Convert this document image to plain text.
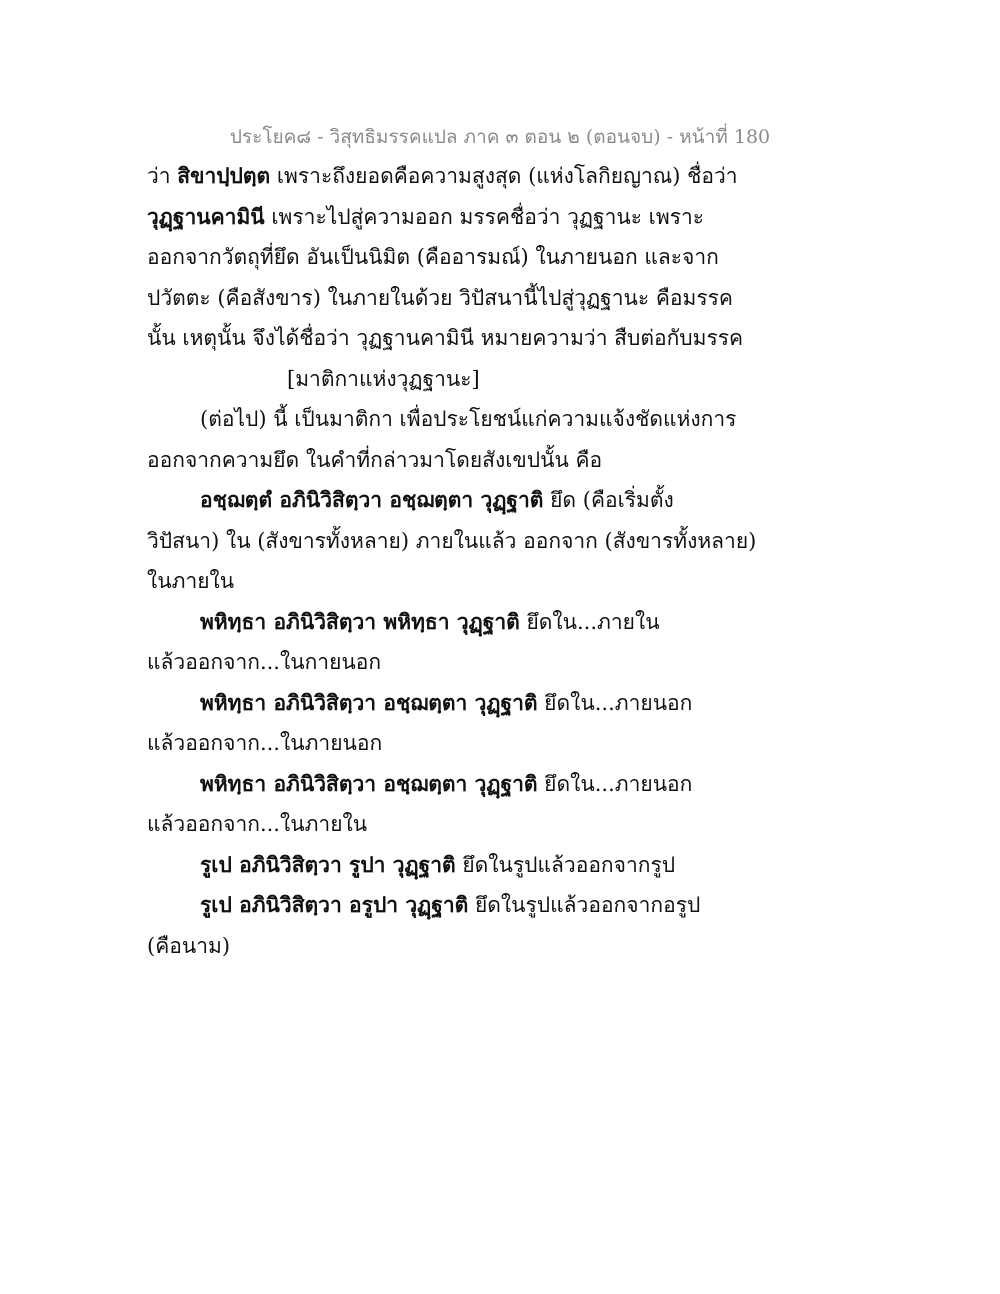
ประโยค๘ - วิสุทธิมรรคแปล ภาค ๓ ตอน ๒ (ตอนจบ) - หน้าที่ 180
ว่า สิขาปฺปตฺต เพราะถึงยอดคือความสูงสุด (แห่งโลกิยญาณ) ชื่อว่า
วุฏฺฐานคามินี เพราะไปสู่ความออก มรรคชื่อว่า วุฏฐานะ เพราะ
ออกจากวัตถุที่ยึด อันเป็นนิมิต (คืออารมณ์) ในภายนอก และจาก
ปวัตตะ (คือสังขาร) ในภายในด้วย วิปัสนานี้ไปสู่วุฏฐานะ คือมรรค
นั้น เหตุนั้น จึงได้ชื่อว่า วุฏฐานคามินี หมายความว่า สืบต่อกับมรรค
[มาติกาแห่งวุฏฐานะ]
(ต่อไป) นี้ เป็นมาติกา เพื่อประโยชน์แก่ความแจ้งชัดแห่งการ
ออกจากความยึด ในคำที่กล่าวมาโดยสังเขปนั้น คือ
อชฺฌตฺตํ อภินิวิสิตฺวา อชฺฌตฺตา วุฏฺฐาติ ยึด (คือเริ่มตั้ง
วิปัสนา) ใน (สังขารทั้งหลาย) ภายในแล้ว ออกจาก (สังขารทั้งหลาย)
ในภายใน
พหิทฺธา อภินิวิสิตฺวา พหิทฺธา วุฏฺฐาติ ยึดใน...ภายใน
แล้วออกจาก...ในกายนอก
พหิทฺธา อภินิวิสิตฺวา อชฺฌตฺตา วุฏฺฐาติ ยึดใน...ภายนอก
แล้วออกจาก...ในภายนอก
พหิทฺธา อภินิวิสิตฺวา อชฺฌตฺตา วุฏฺฐาติ ยึดใน...ภายนอก
แล้วออกจาก...ในภายใน
รูเป อภินิวิสิตฺวา รูปา วุฏฺฐาติ ยึดในรูปแล้วออกจากรูป
รูเป อภินิวิสิตฺวา อรูปา วุฏฺฐาติ ยึดในรูปแล้วออกจากอรูป
(คือนาม)
